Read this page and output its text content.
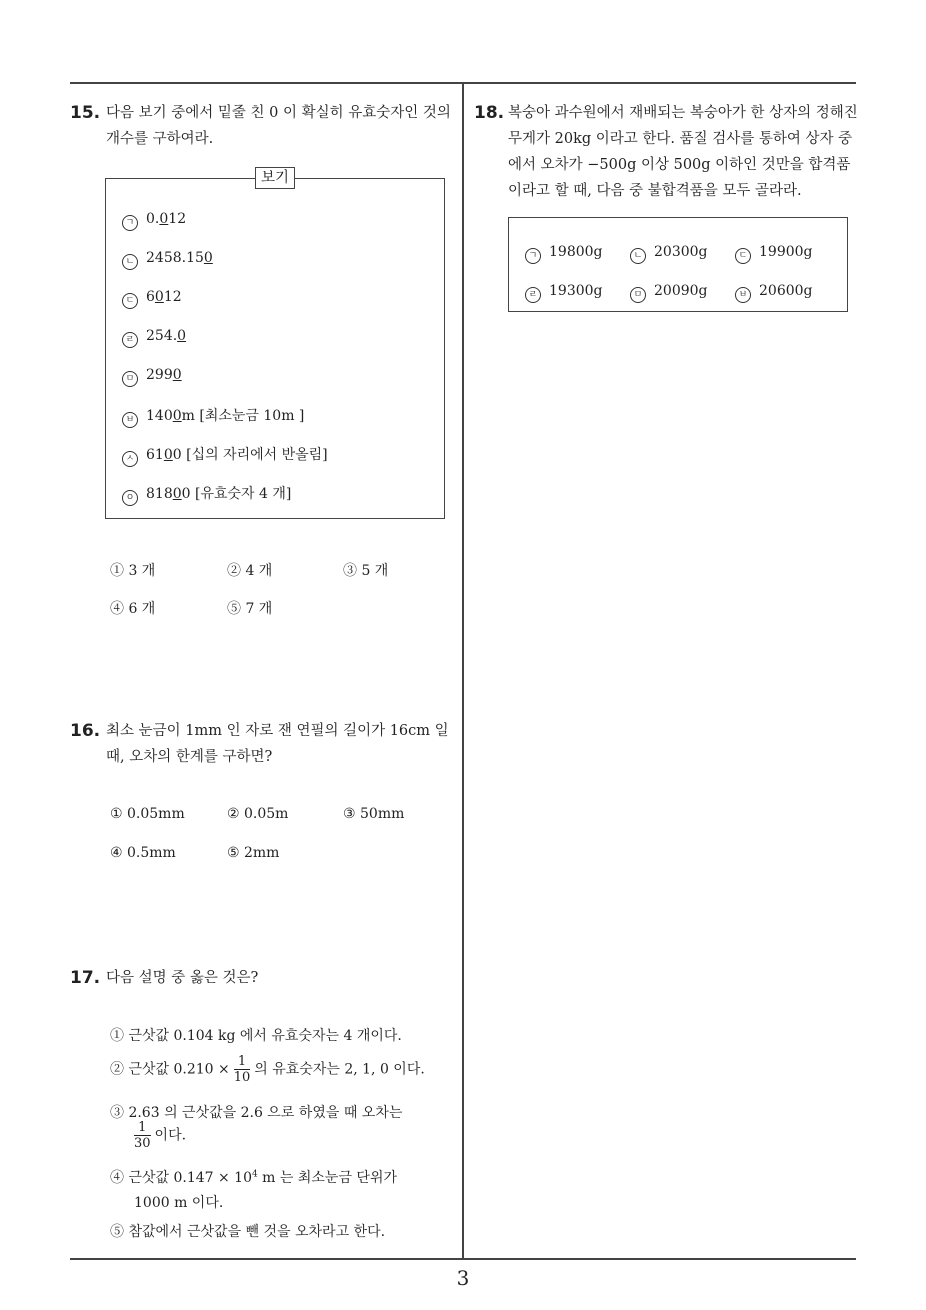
15. 다음 보기 중에서 밑줄 친 0 이 확실히 유효숫자인 것의 개수를 구하여라.
보기
ㄱ 0.012
ㄴ 2458.150
ㄷ 6012
ㄹ 254.0
ㅁ 2990
ㅂ 1400m [최소눈금 10m ]
ㅅ 6100 [십의 자리에서 반올림]
ㅇ 81800 [유효숫자 4 개]
① 3 개	② 4 개	③ 5 개
④ 6 개	⑤ 7 개
16. 최소 눈금이 1mm 인 자로 잰 연필의 길이가 16cm 일 때, 오차의 한계를 구하면?
① 0.05mm	② 0.05m	③ 50mm
④ 0.5mm	⑤ 2mm
17. 다음 설명 중 옳은 것은?
① 근삿값 0.104 kg 에서 유효숫자는 4 개이다.
② 근삿값 $0.210 \times \frac{1}{10}$ 의 유효숫자는 2, 1, 0 이다.
③ 2.63̇ 의 근삿값을 2.6 으로 하였을 때 오차는
$\frac{1}{30}$ 이다.
④ 근삿값 $0.147 \times 10^4$ m 는 최소눈금 단위가
1000 m 이다.
⑤ 참값에서 근삿값을 뺀 것을 오차라고 한다.
18. 복숭아 과수원에서 재배되는 복숭아가 한 상자의 정해진 무게가 20kg 이라고 한다. 품질 검사를 통하여 상자 중에서 오차가 −500g 이상 500g 이하인 것만을 합격품이라고 할 때, 다음 중 불합격품을 모두 골라라.
ㄱ 19800g	ㄴ 20300g	ㄷ 19900g
ㄹ 19300g	ㅁ 20090g	ㅂ 20600g
3
